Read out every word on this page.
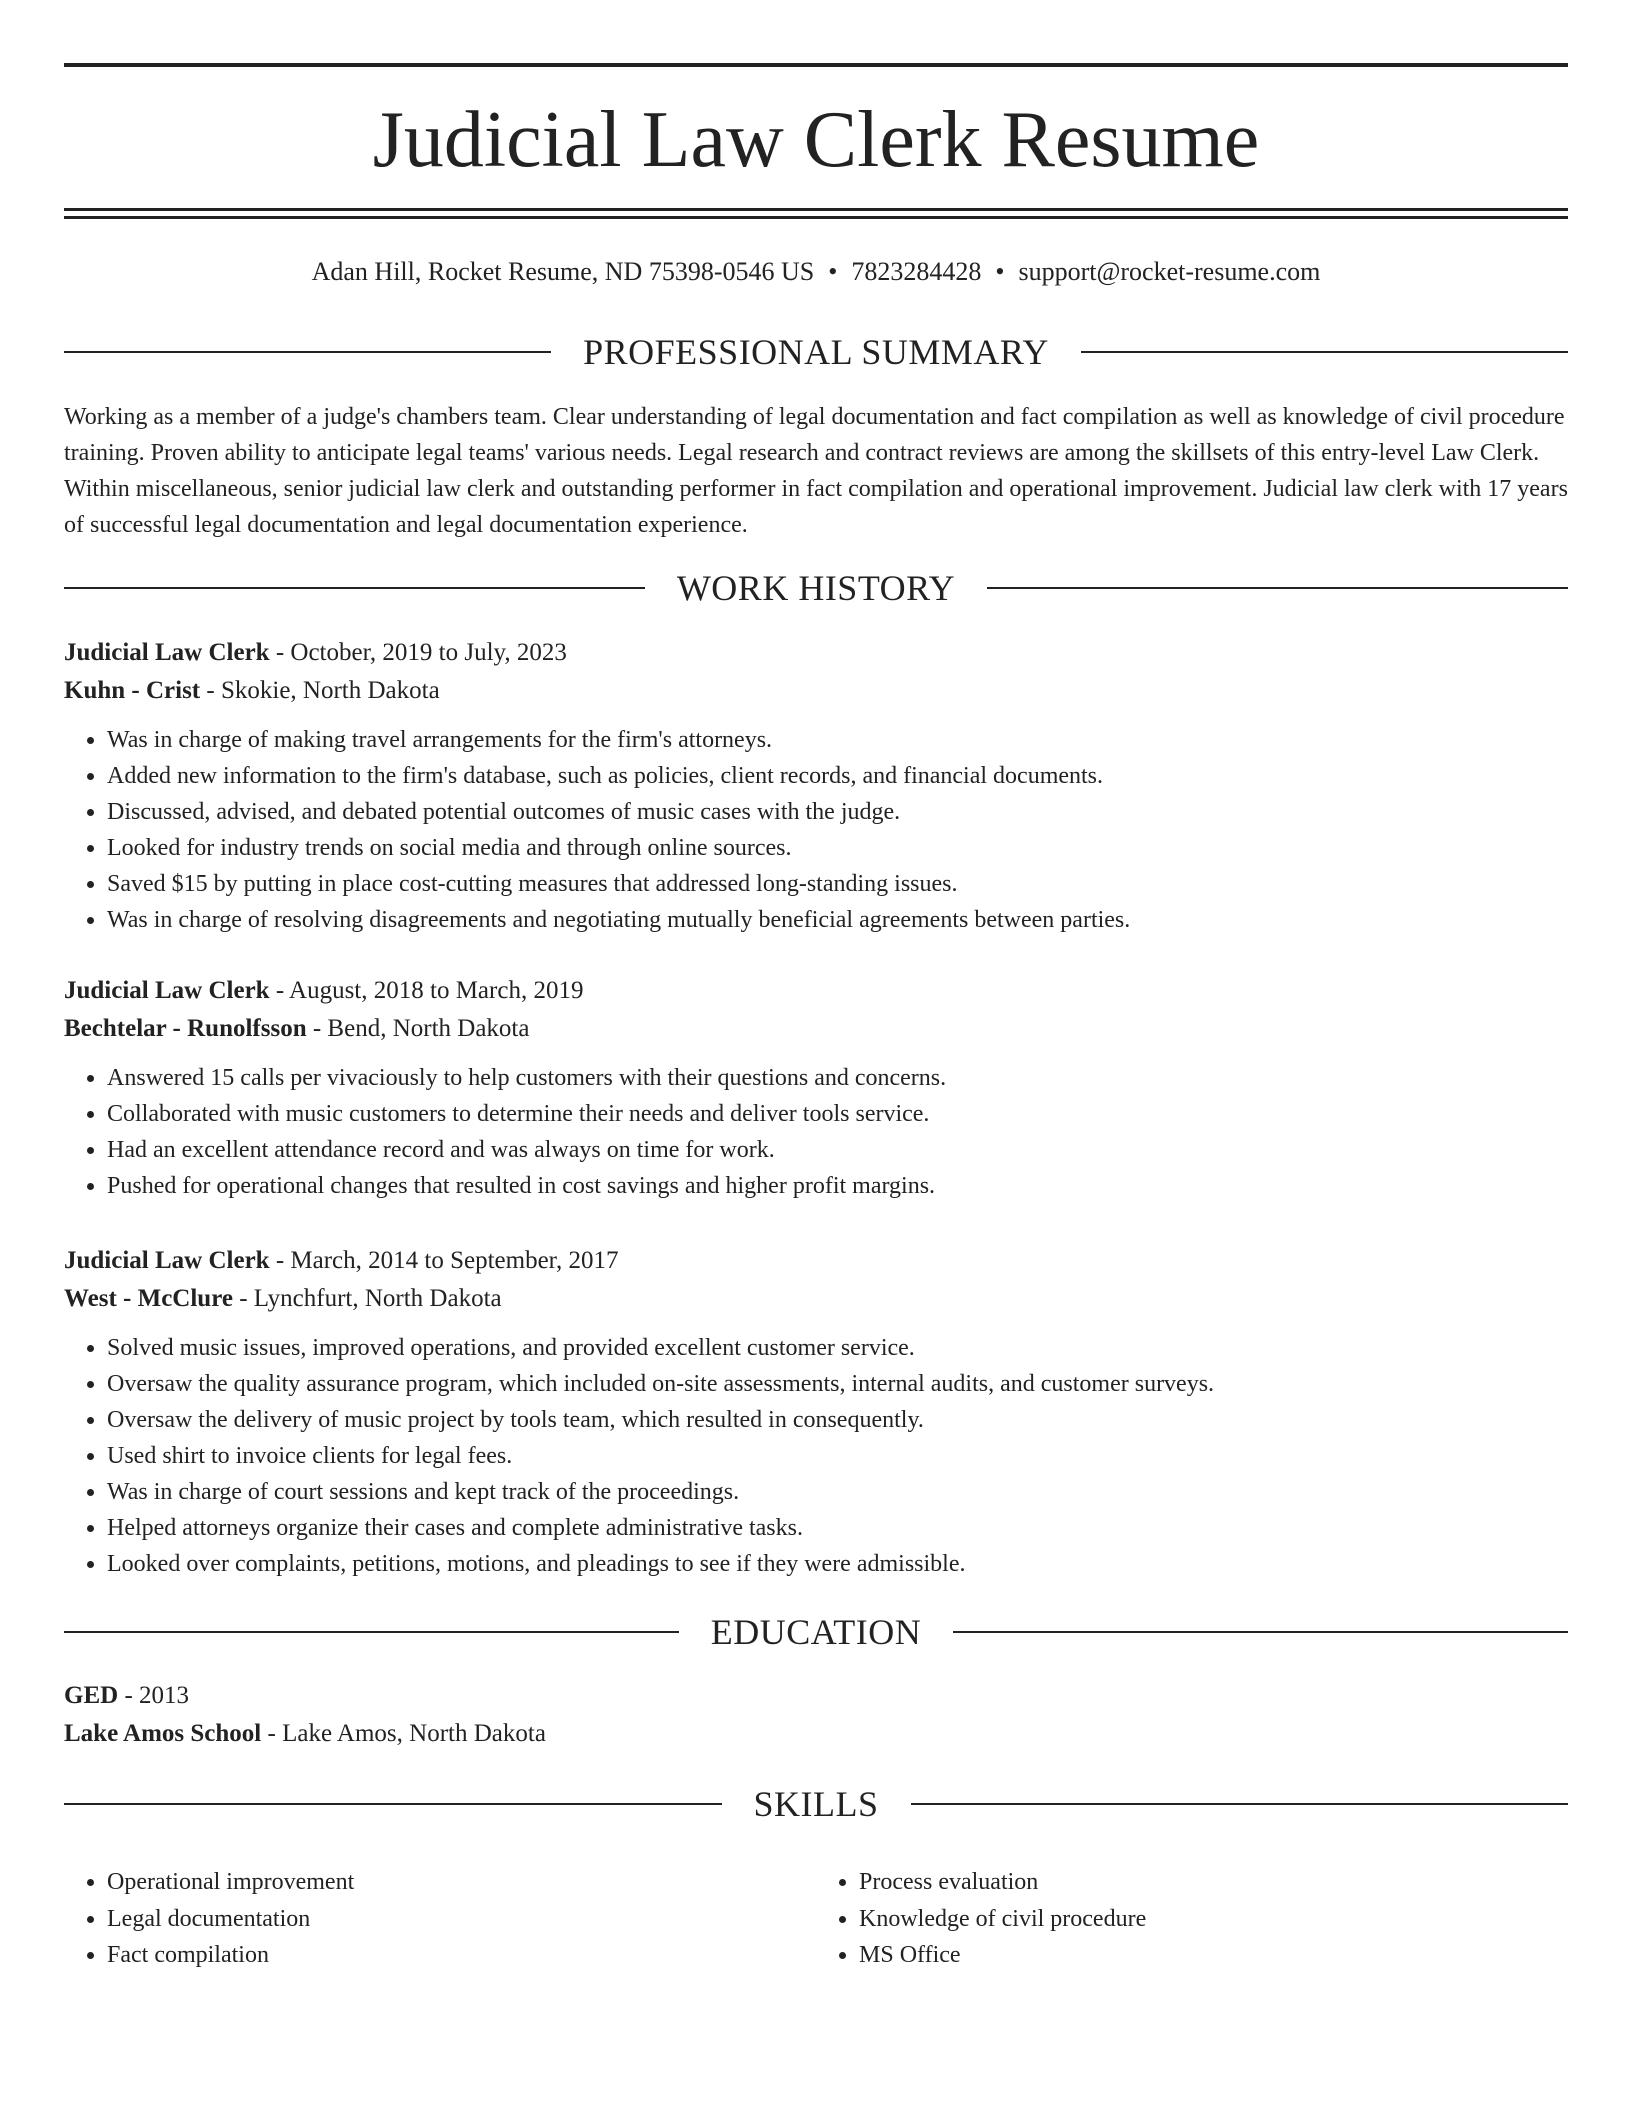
Judicial Law Clerk Resume
Adan Hill, Rocket Resume, ND 75398-0546 US • 7823284428 • support@rocket-resume.com
PROFESSIONAL SUMMARY

Working as a member of a judge's chambers team. Clear understanding of legal documentation and fact compilation as well as knowledge of civil procedure training. Proven ability to anticipate legal teams' various needs. Legal research and contract reviews are among the skillsets of this entry-level Law Clerk. Within miscellaneous, senior judicial law clerk and outstanding performer in fact compilation and operational improvement. Judicial law clerk with 17 years of successful legal documentation and legal documentation experience.

WORK HISTORY
Judicial Law Clerk - October, 2019 to July, 2023
Kuhn - Crist - Skokie, North Dakota
• Was in charge of making travel arrangements for the firm's attorneys.
• Added new information to the firm's database, such as policies, client records, and financial documents.
• Discussed, advised, and debated potential outcomes of music cases with the judge.
• Looked for industry trends on social media and through online sources.
• Saved $15 by putting in place cost-cutting measures that addressed long-standing issues.
• Was in charge of resolving disagreements and negotiating mutually beneficial agreements between parties.
Judicial Law Clerk - August, 2018 to March, 2019
Bechtelar - Runolfsson - Bend, North Dakota
• Answered 15 calls per vivaciously to help customers with their questions and concerns.
• Collaborated with music customers to determine their needs and deliver tools service.
• Had an excellent attendance record and was always on time for work.
• Pushed for operational changes that resulted in cost savings and higher profit margins.
Judicial Law Clerk - March, 2014 to September, 2017
West - McClure - Lynchfurt, North Dakota
• Solved music issues, improved operations, and provided excellent customer service.
• Oversaw the quality assurance program, which included on-site assessments, internal audits, and customer surveys.
• Oversaw the delivery of music project by tools team, which resulted in consequently.
• Used shirt to invoice clients for legal fees.
• Was in charge of court sessions and kept track of the proceedings.
• Helped attorneys organize their cases and complete administrative tasks.
• Looked over complaints, petitions, motions, and pleadings to see if they were admissible.
EDUCATION
GED - 2013
Lake Amos School - Lake Amos, North Dakota
SKILLS
• Operational improvement
• Legal documentation
• Fact compilation
• Process evaluation
• Knowledge of civil procedure
• MS Office
